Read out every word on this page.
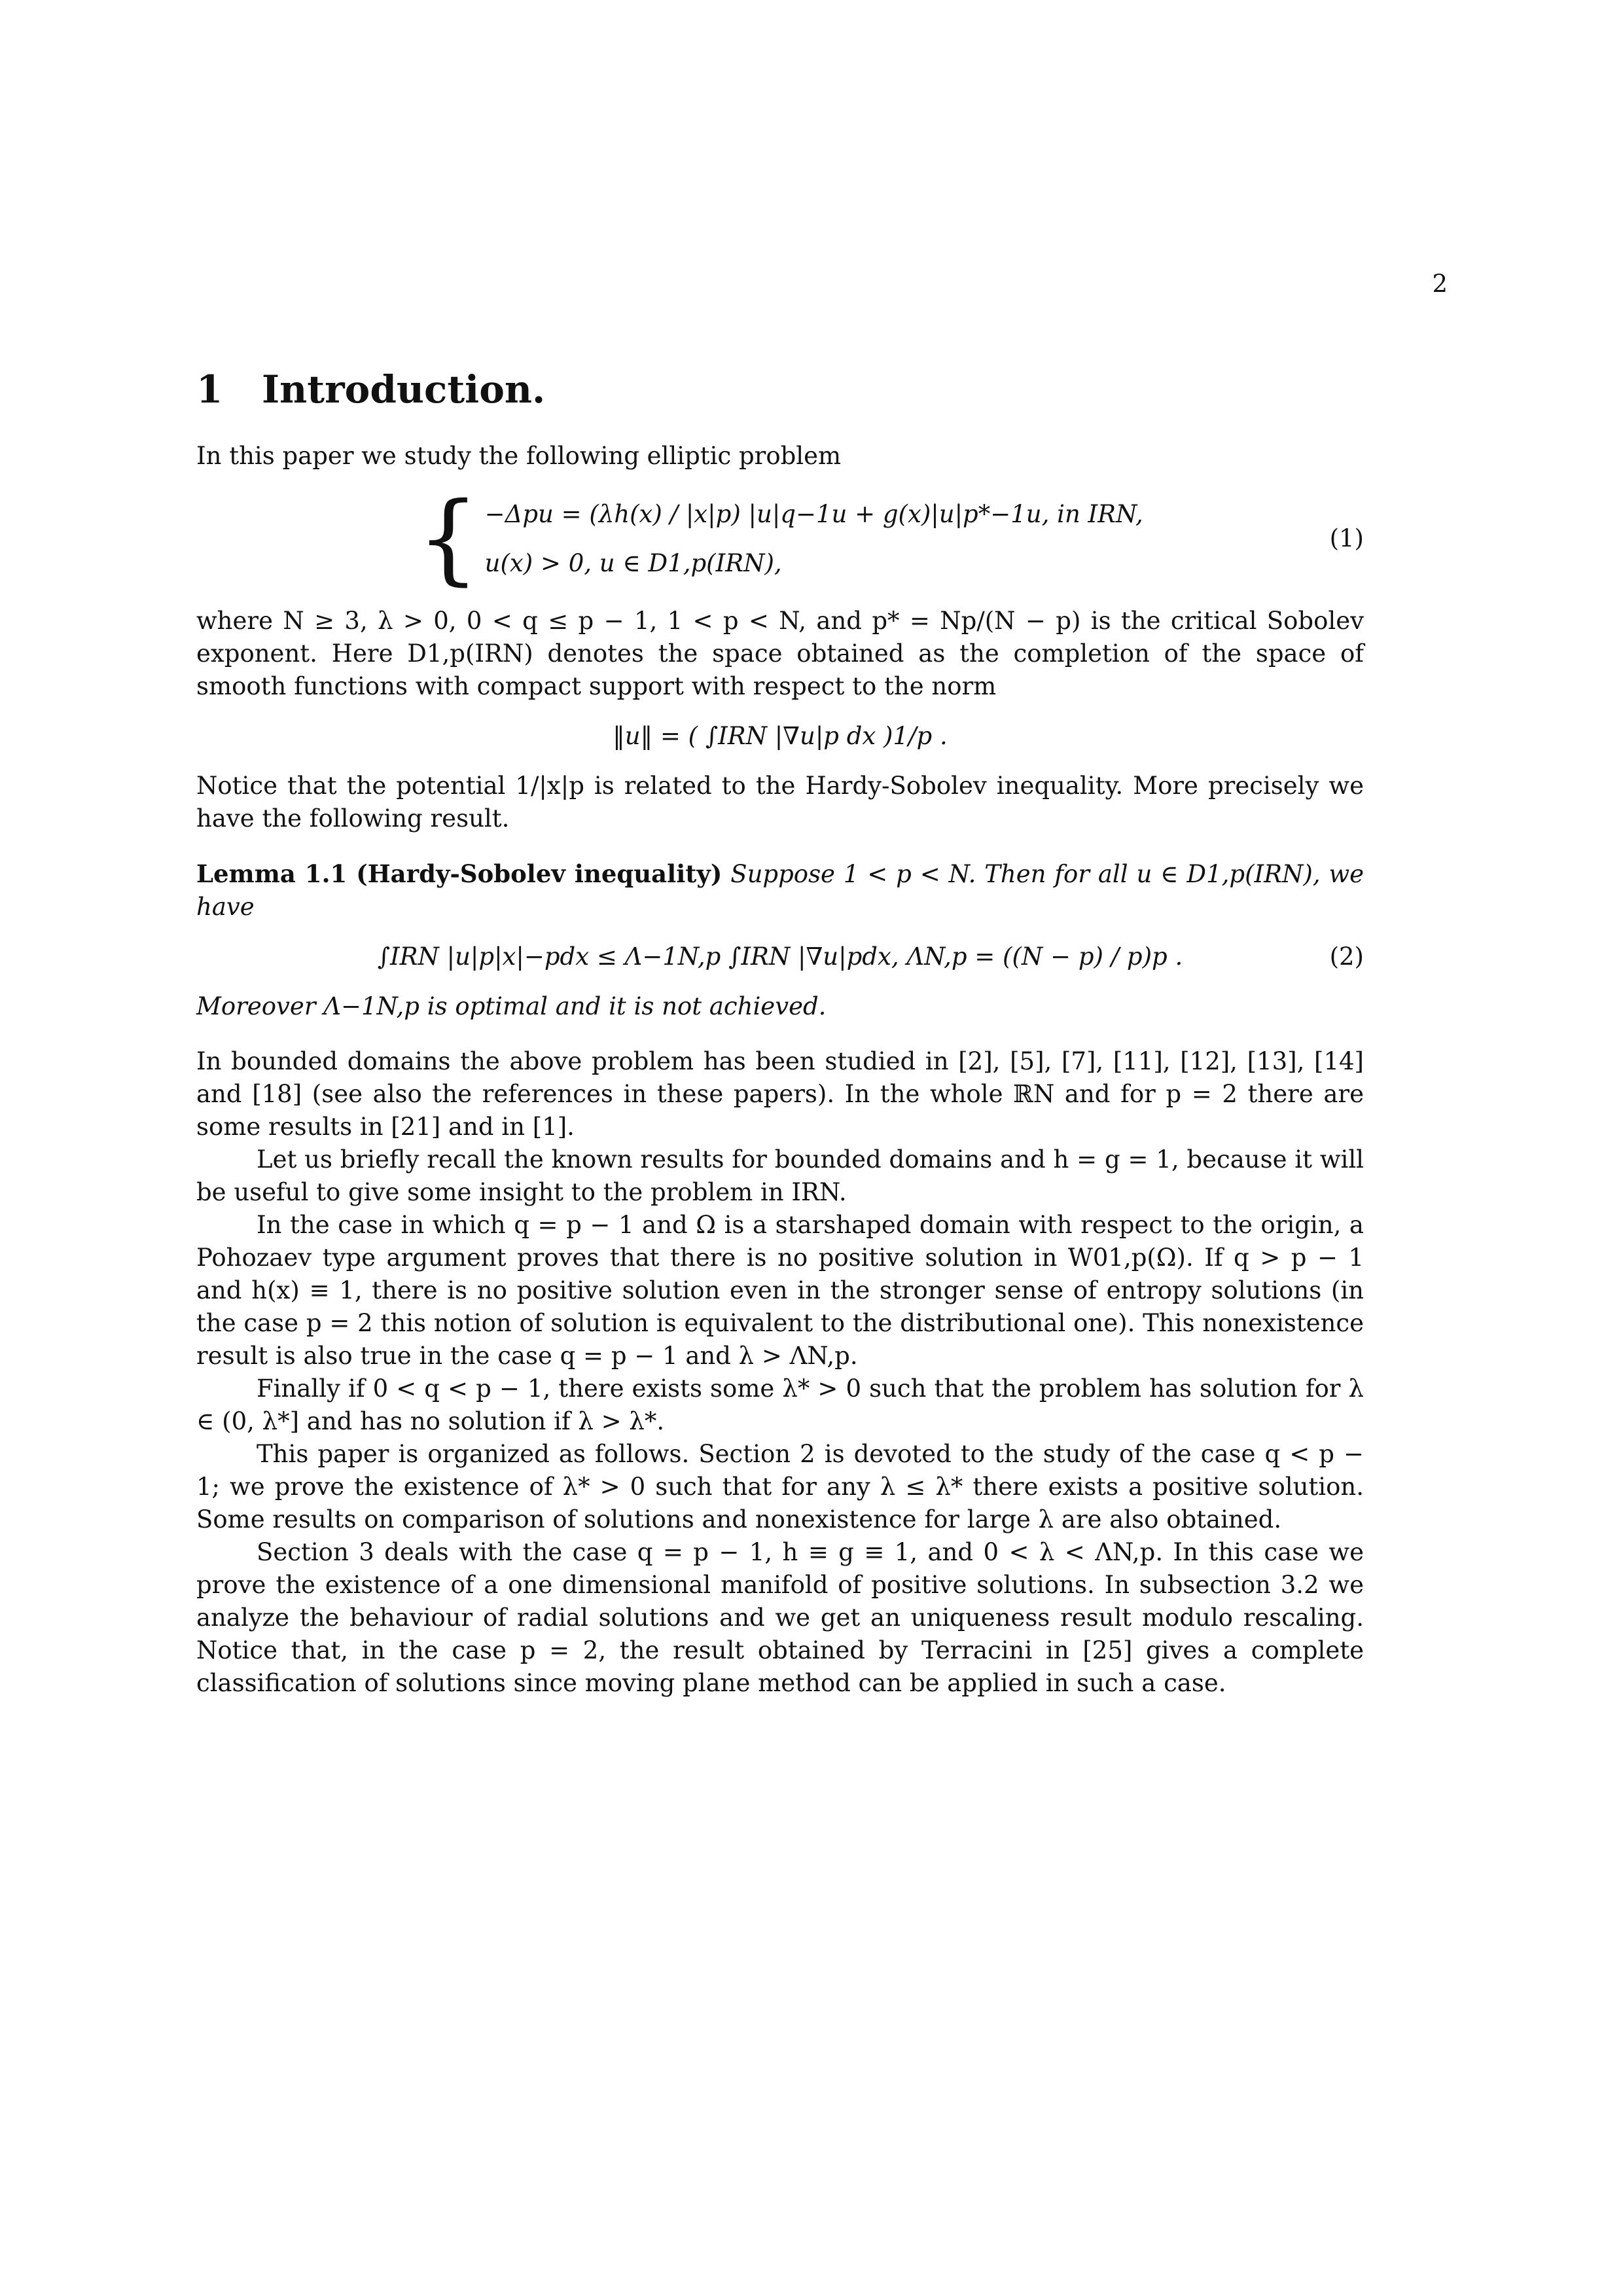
2
1 Introduction.

In this paper we study the following elliptic problem

{ −Δpu = (λh(x) / |x|p) |u|q−1u + g(x)|u|p*−1u, in IRN,
u(x) > 0, u ∈ D1,p(IRN),
(1)

where N ≥ 3, λ > 0, 0 < q ≤ p − 1, 1 < p < N, and p* = Np/(N − p) is the critical Sobolev exponent. Here D1,p(IRN) denotes the space obtained as the completion of the space of smooth functions with compact support with respect to the norm

‖u‖ = ( ∫IRN |∇u|p dx )1/p .

Notice that the potential 1/|x|p is related to the Hardy-Sobolev inequality. More precisely we have the following result.

Lemma 1.1 (Hardy-Sobolev inequality) Suppose 1 < p < N. Then for all u ∈ D1,p(IRN), we have

∫IRN |u|p|x|−pdx ≤ Λ−1N,p ∫IRN |∇u|pdx, ΛN,p = ((N − p) / p)p .	(2)

Moreover Λ−1N,p is optimal and it is not achieved.

In bounded domains the above problem has been studied in [2], [5], [7], [11], [12], [13], [14] and [18] (see also the references in these papers). In the whole ℝN and for p = 2 there are some results in [21] and in [1].

Let us briefly recall the known results for bounded domains and h = g = 1, because it will be useful to give some insight to the problem in IRN.

In the case in which q = p − 1 and Ω is a starshaped domain with respect to the origin, a Pohozaev type argument proves that there is no positive solution in W01,p(Ω). If q > p − 1 and h(x) ≡ 1, there is no positive solution even in the stronger sense of entropy solutions (in the case p = 2 this notion of solution is equivalent to the distributional one). This nonexistence result is also true in the case q = p − 1 and λ > ΛN,p.

Finally if 0 < q < p − 1, there exists some λ* > 0 such that the problem has solution for λ ∈ (0, λ*] and has no solution if λ > λ*.

This paper is organized as follows. Section 2 is devoted to the study of the case q < p − 1; we prove the existence of λ* > 0 such that for any λ ≤ λ* there exists a positive solution. Some results on comparison of solutions and nonexistence for large λ are also obtained.

Section 3 deals with the case q = p − 1, h ≡ g ≡ 1, and 0 < λ < ΛN,p. In this case we prove the existence of a one dimensional manifold of positive solutions. In subsection 3.2 we analyze the behaviour of radial solutions and we get an uniqueness result modulo rescaling. Notice that, in the case p = 2, the result obtained by Terracini in [25] gives a complete classification of solutions since moving plane method can be applied in such a case.
